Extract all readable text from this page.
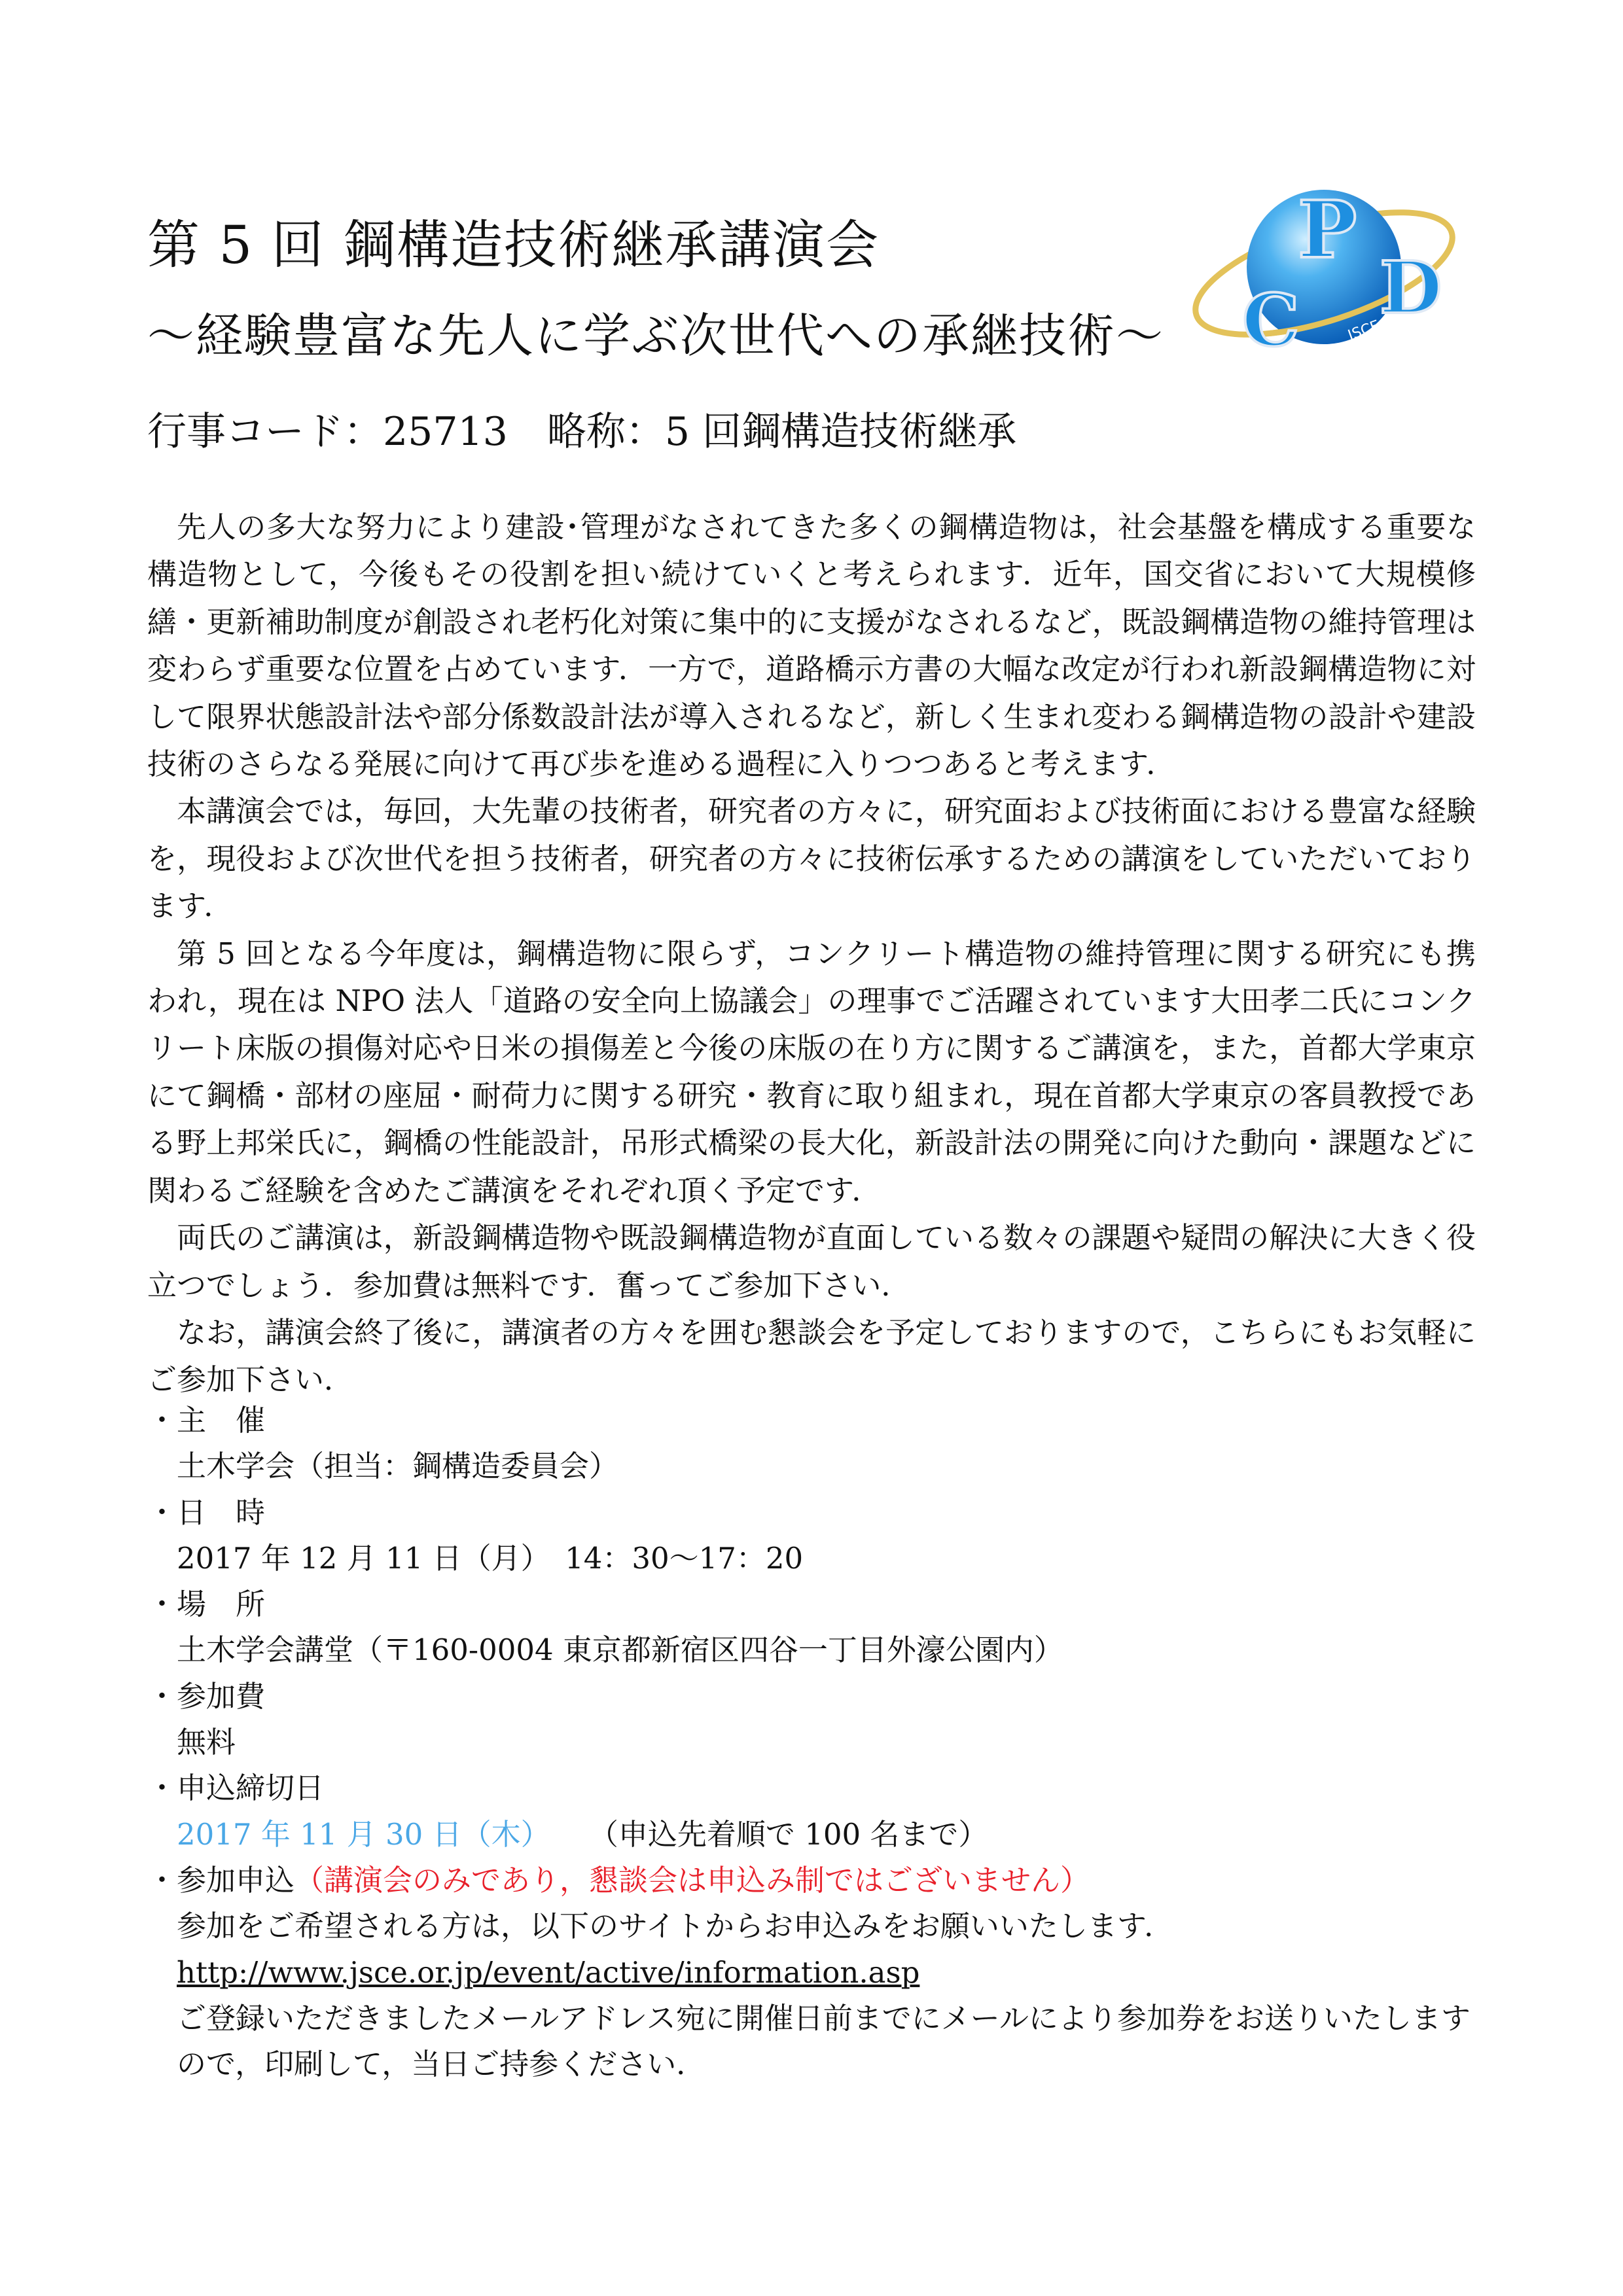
第 5 回 鋼構造技術継承講演会
～経験豊富な先人に学ぶ次世代への承継技術～
行事コード：25713　略称：5 回鋼構造技術継承
P
C D
JSCE

先人の多大な努力により建設･管理がなされてきた多くの鋼構造物は，社会基盤を構成する重要な構造物として，今後もその役割を担い続けていくと考えられます．近年，国交省において大規模修繕・更新補助制度が創設され老朽化対策に集中的に支援がなされるなど，既設鋼構造物の維持管理は変わらず重要な位置を占めています．一方で，道路橋示方書の大幅な改定が行われ新設鋼構造物に対して限界状態設計法や部分係数設計法が導入されるなど，新しく生まれ変わる鋼構造物の設計や建設技術のさらなる発展に向けて再び歩を進める過程に入りつつあると考えます．

本講演会では，毎回，大先輩の技術者，研究者の方々に，研究面および技術面における豊富な経験を，現役および次世代を担う技術者，研究者の方々に技術伝承するための講演をしていただいております．

第 5 回となる今年度は，鋼構造物に限らず，コンクリート構造物の維持管理に関する研究にも携われ，現在は NPO 法人「道路の安全向上協議会」の理事でご活躍されています大田孝二氏にコンクリート床版の損傷対応や日米の損傷差と今後の床版の在り方に関するご講演を，また，首都大学東京にて鋼橋・部材の座屈・耐荷力に関する研究・教育に取り組まれ，現在首都大学東京の客員教授である野上邦栄氏に，鋼橋の性能設計，吊形式橋梁の長大化，新設計法の開発に向けた動向・課題などに関わるご経験を含めたご講演をそれぞれ頂く予定です．

両氏のご講演は，新設鋼構造物や既設鋼構造物が直面している数々の課題や疑問の解決に大きく役立つでしょう．参加費は無料です．奮ってご参加下さい．

なお，講演会終了後に，講演者の方々を囲む懇談会を予定しておりますので，こちらにもお気軽にご参加下さい．

・主　催
土木学会（担当：鋼構造委員会）
・日　時
2017 年 12 月 11 日（月）　14：30～17：20
・場　所
土木学会講堂（〒160-0004 東京都新宿区四谷一丁目外濠公園内）
・参加費
無料
・申込締切日
2017 年 11 月 30 日（木） （申込先着順で 100 名まで）
・参加申込（講演会のみであり，懇談会は申込み制ではございません）
参加をご希望される方は，以下のサイトからお申込みをお願いいたします．
http://www.jsce.or.jp/event/active/information.asp
ご登録いただきましたメールアドレス宛に開催日前までにメールにより参加券をお送りいたしますので，印刷して，当日ご持参ください．
